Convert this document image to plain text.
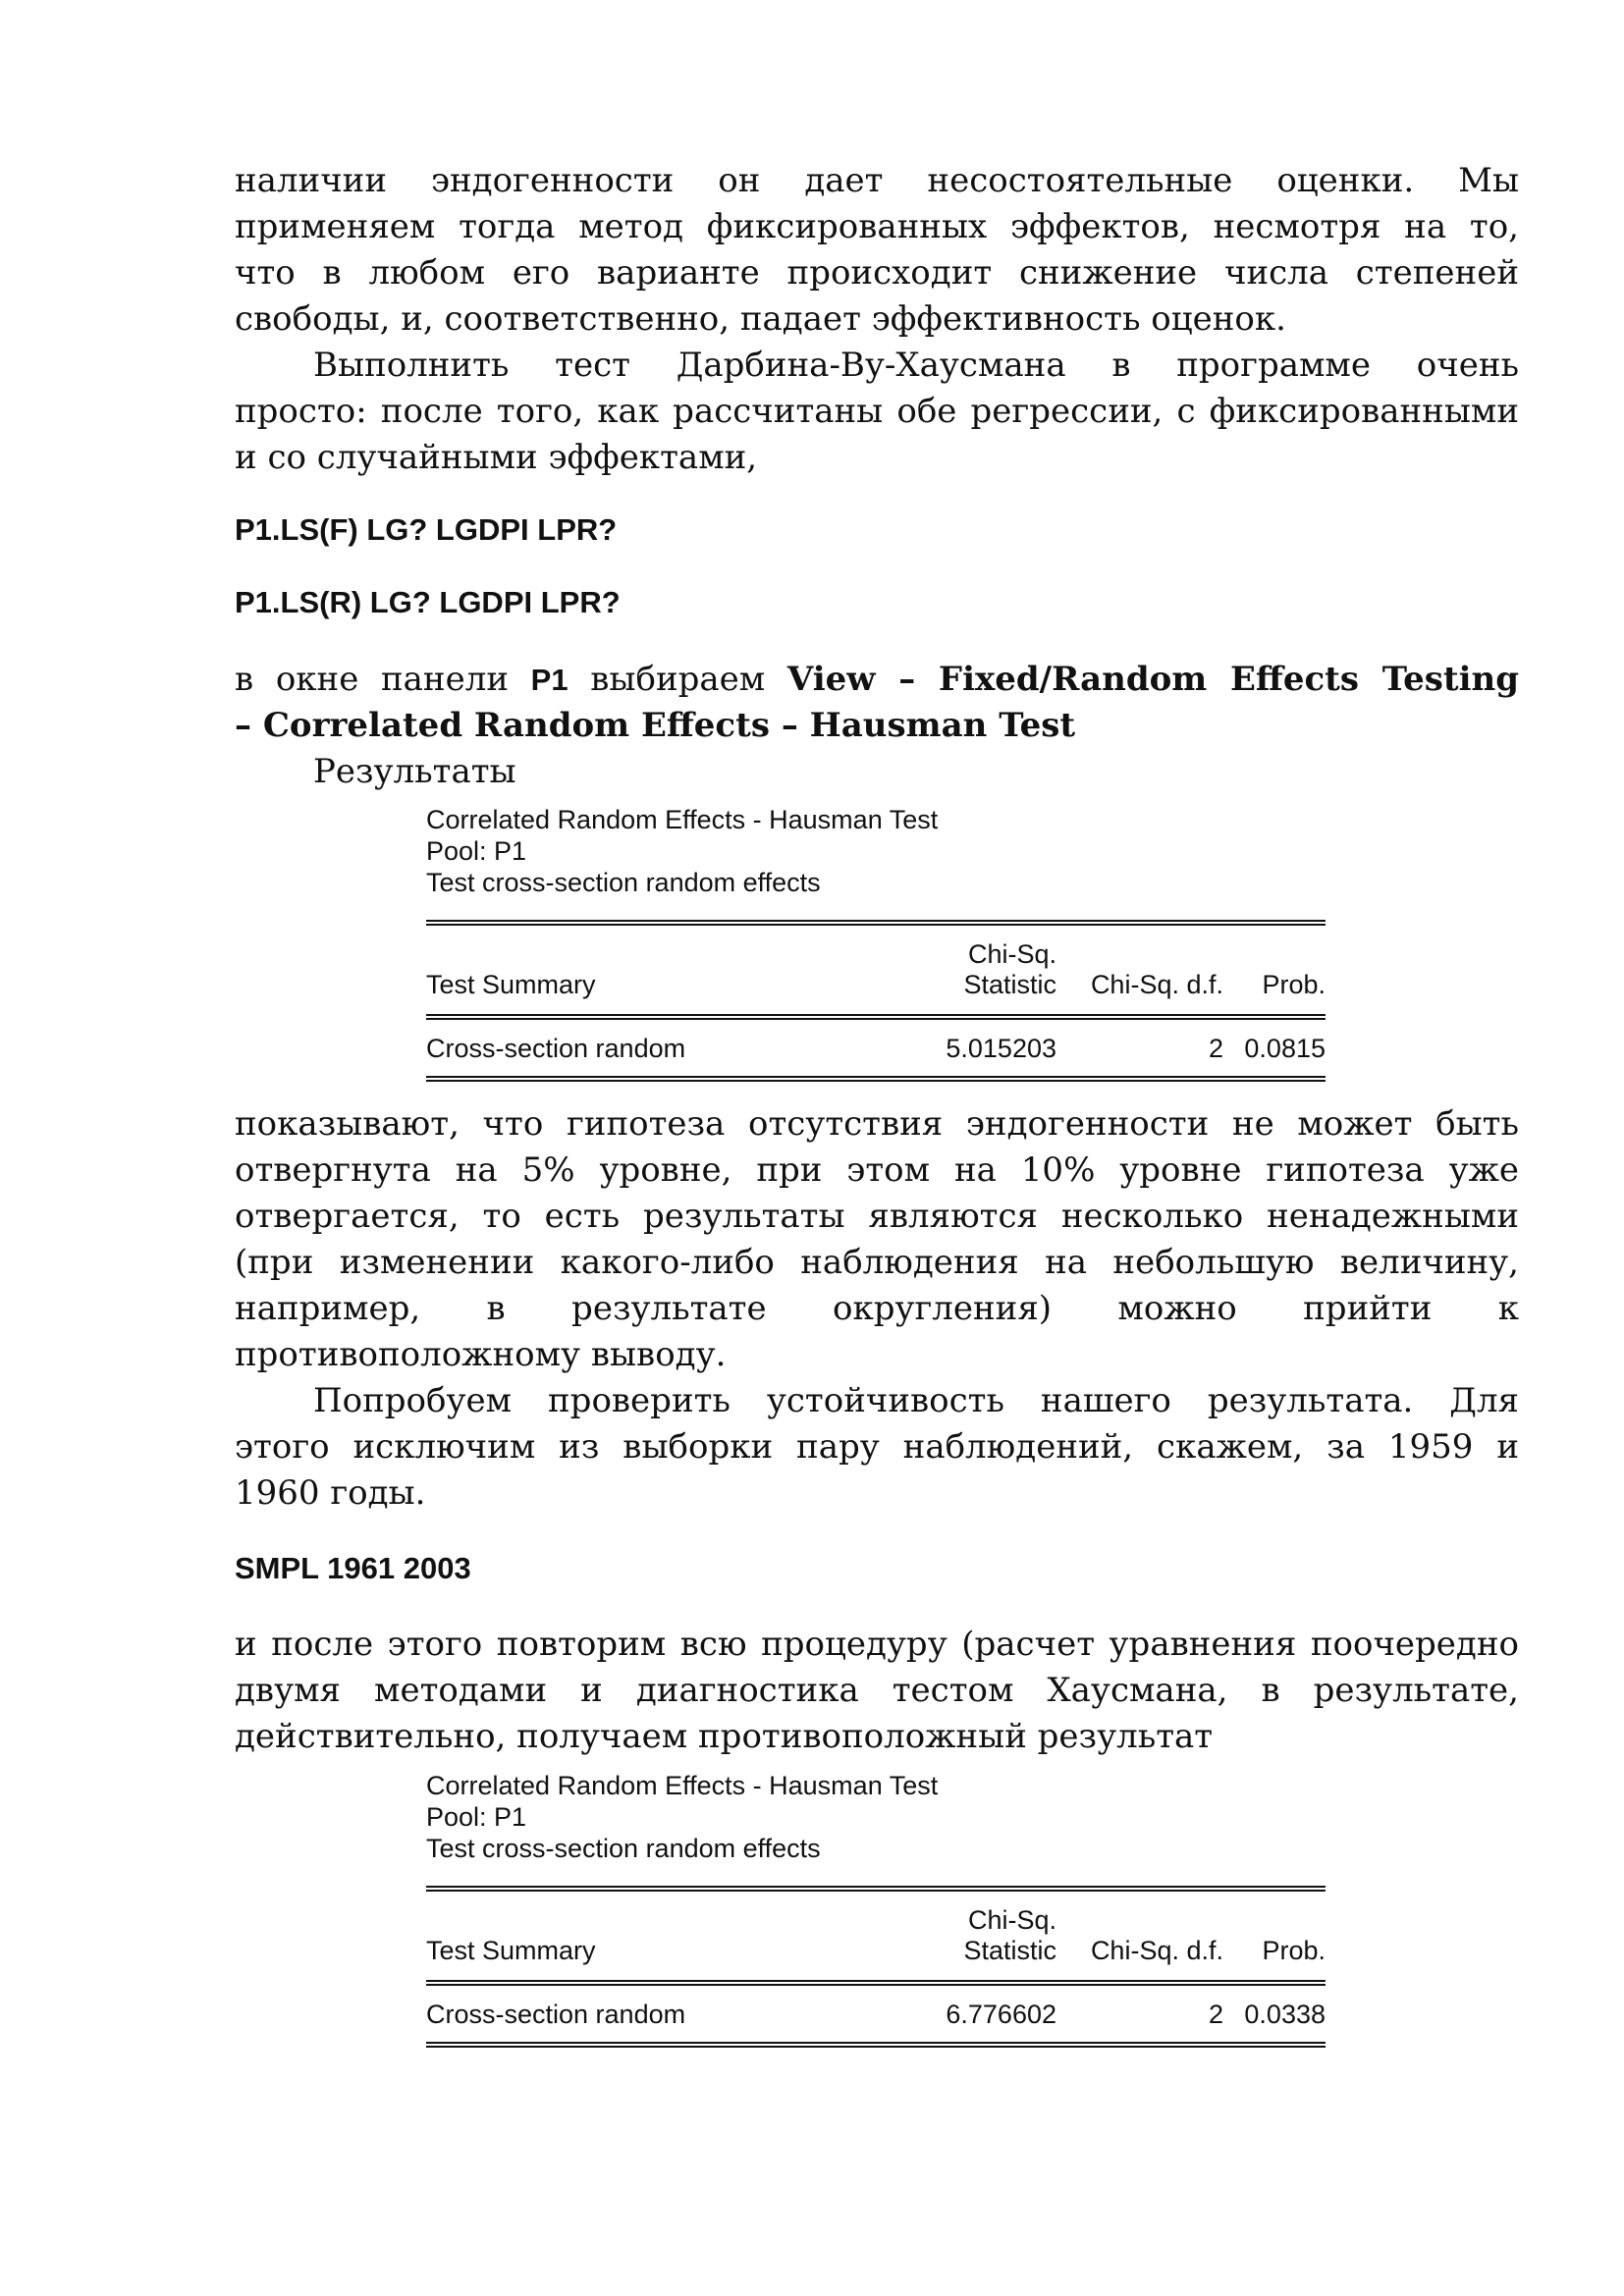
наличии эндогенности он дает несостоятельные оценки. Мы
применяем тогда метод фиксированных эффектов, несмотря на то,
что в любом его варианте происходит снижение числа степеней
свободы, и, соответственно, падает эффективность оценок.
Выполнить тест Дарбина-Ву-Хаусмана в программе очень
просто: после того, как рассчитаны обе регрессии, с фиксированными
и со случайными эффектами,
P1.LS(F) LG? LGDPI LPR?
P1.LS(R) LG? LGDPI LPR?
в окне панели P1 выбираем View – Fixed/Random Effects Testing
– Correlated Random Effects – Hausman Test
Результаты
Correlated Random Effects - Hausman Test
Pool: P1
Test cross-section random effects
	Chi-Sq.		
Test Summary	Statistic	Chi-Sq. d.f.	Prob.
Cross-section random	5.015203	2	0.0815
показывают, что гипотеза отсутствия эндогенности не может быть
отвергнута на 5% уровне, при этом на 10% уровне гипотеза уже
отвергается, то есть результаты являются несколько ненадежными
(при изменении какого-либо наблюдения на небольшую величину,
например, в результате округления) можно прийти к
противоположному выводу.
Попробуем проверить устойчивость нашего результата. Для
этого исключим из выборки пару наблюдений, скажем, за 1959 и
1960 годы.
SMPL 1961 2003
и после этого повторим всю процедуру (расчет уравнения поочередно
двумя методами и диагностика тестом Хаусмана, в результате,
действительно, получаем противоположный результат
Correlated Random Effects - Hausman Test
Pool: P1
Test cross-section random effects
	Chi-Sq.		
Test Summary	Statistic	Chi-Sq. d.f.	Prob.
Cross-section random	6.776602	2	0.0338
